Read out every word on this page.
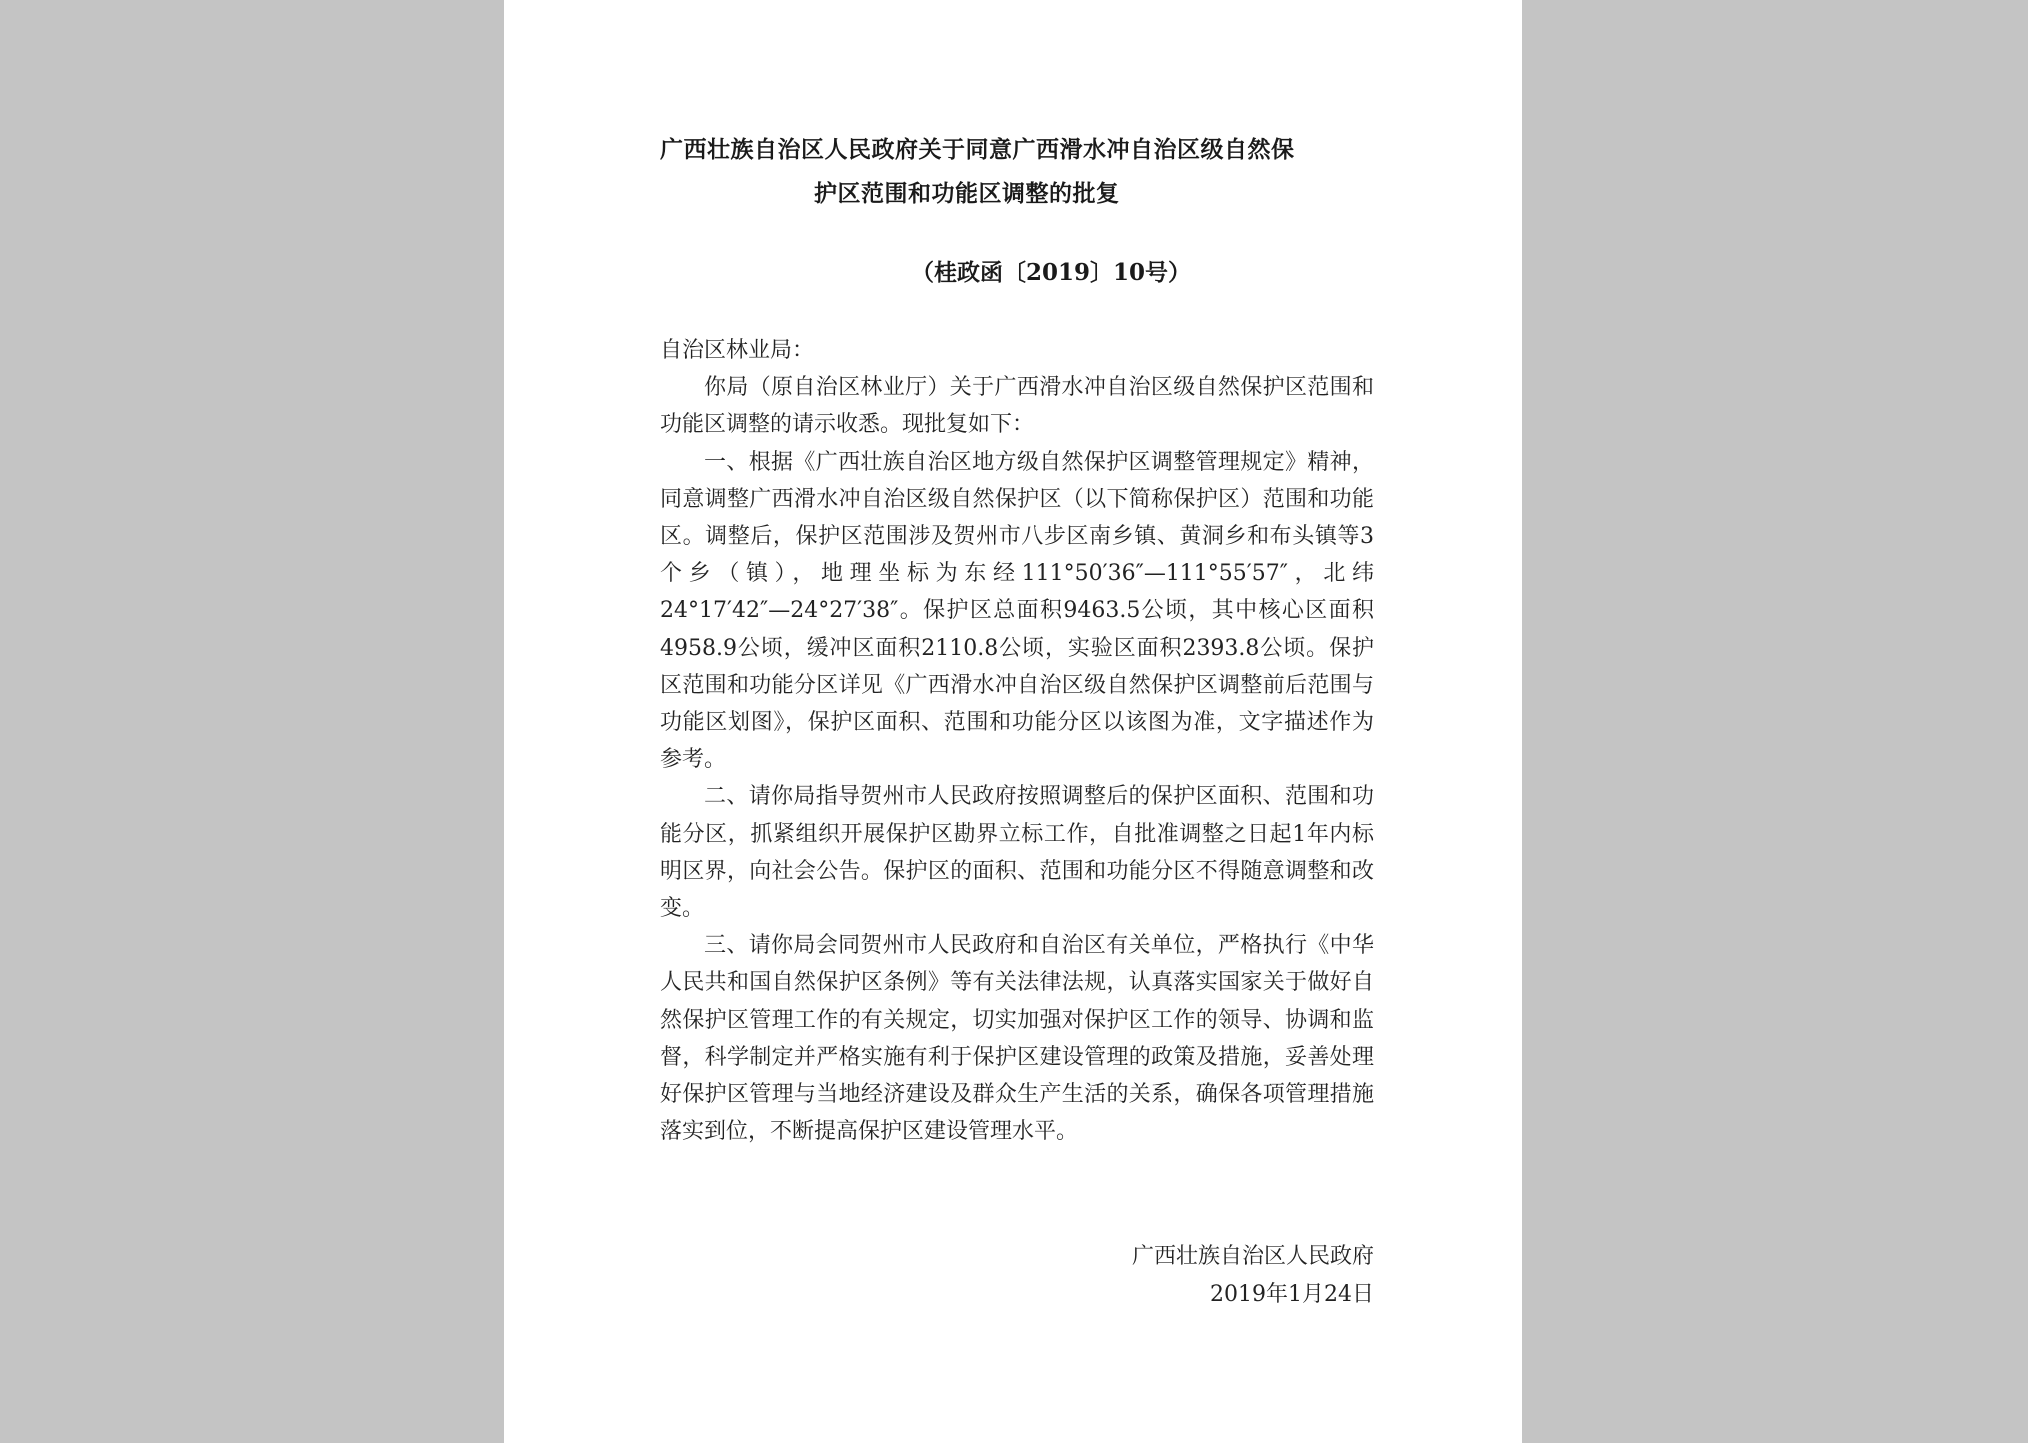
广西壮族自治区人民政府关于同意广西滑水冲自治区级自然保
护区范围和功能区调整的批复
（桂政函〔2019〕10号）

自治区林业局：

你局（原自治区林业厅）关于广西滑水冲自治区级自然保护区范围和功能区调整的请示收悉。现批复如下：

一、根据《广西壮族自治区地方级自然保护区调整管理规定》精神，同意调整广西滑水冲自治区级自然保护区（以下简称保护区）范围和功能区。调整后，保护区范围涉及贺州市八步区南乡镇、黄洞乡和布头镇等3个乡（镇），地理坐标为东经111°50′36″—111°55′57″，北纬24°17′42″—24°27′38″。保护区总面积9463.5公顷，其中核心区面积4958.9公顷，缓冲区面积2110.8公顷，实验区面积2393.8公顷。保护区范围和功能分区详见《广西滑水冲自治区级自然保护区调整前后范围与功能区划图》，保护区面积、范围和功能分区以该图为准，文字描述作为参考。

二、请你局指导贺州市人民政府按照调整后的保护区面积、范围和功能分区，抓紧组织开展保护区勘界立标工作，自批准调整之日起1年内标明区界，向社会公告。保护区的面积、范围和功能分区不得随意调整和改变。

三、请你局会同贺州市人民政府和自治区有关单位，严格执行《中华人民共和国自然保护区条例》等有关法律法规，认真落实国家关于做好自然保护区管理工作的有关规定，切实加强对保护区工作的领导、协调和监督，科学制定并严格实施有利于保护区建设管理的政策及措施，妥善处理好保护区管理与当地经济建设及群众生产生活的关系，确保各项管理措施落实到位，不断提高保护区建设管理水平。

广西壮族自治区人民政府
2019年1月24日
